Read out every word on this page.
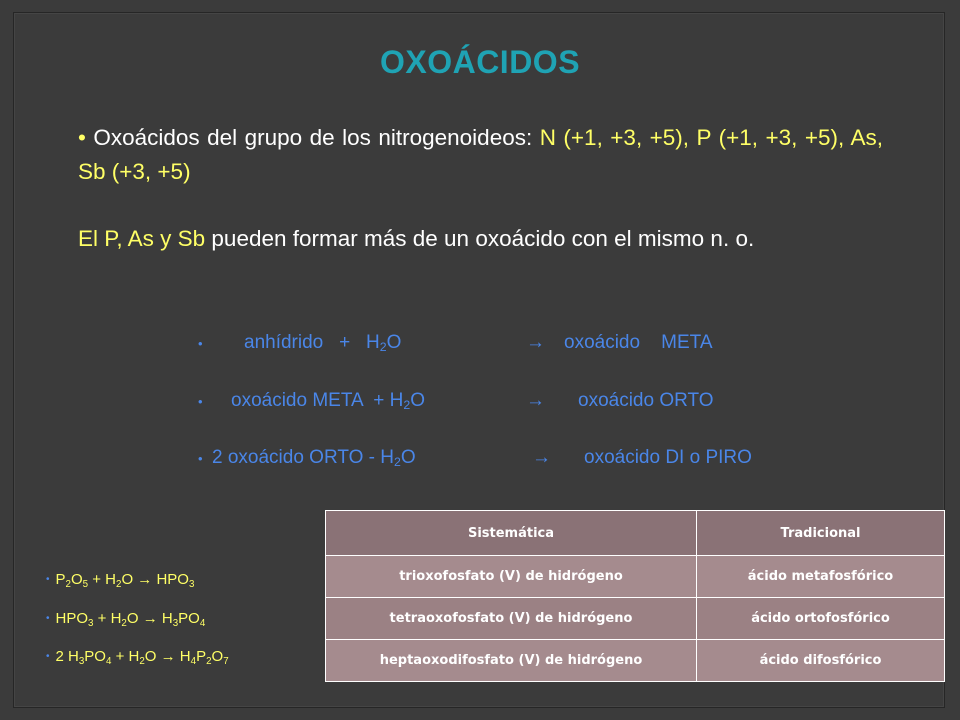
OXOÁCIDOS
• Oxoácidos del grupo de los nitrogenoideos: N (+1, +3, +5), P (+1, +3, +5), As, Sb (+3, +5)
El P, As y Sb pueden formar más de un oxoácido con el mismo n. o.
• anhídrido   +   $H_2O$	→ oxoácido    META
• oxoácido META  + $H_2O$	→ oxoácido ORTO
• 2 oxoácido ORTO - $H_2O$	→ oxoácido DI o PIRO
• $P_2O_5 + H_2O \to HPO_3$
• $HPO_3 + H_2O \to H_3PO_4$
• 2 $H_3PO_4 + H_2O \to H_4P_2O_7$
Sistemática	Tradicional
trioxofosfato (V) de hidrógeno	ácido metafosfórico
tetraoxofosfato (V) de hidrógeno	ácido ortofosfórico
heptaoxodifosfato (V) de hidrógeno	ácido difosfórico
